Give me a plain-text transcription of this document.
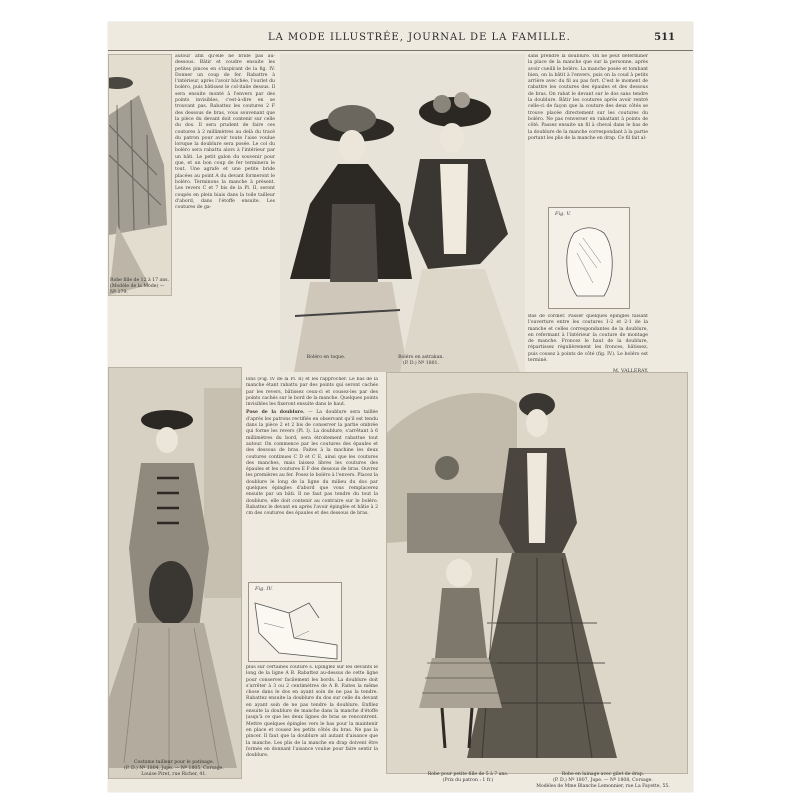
LA MODE ILLUSTRÉE, JOURNAL DE LA FAMILLE.	511
Robe fille de 12 à 17 ans. (Modèle de la Mode) — Nº 179.

autour afin qu'elle ne bride pas au-dessous. Bâtir et coudre ensuite les petites pinces en s'inspirant de la fig. IV. Donner un coup de fer. Rabattre à l'intérieur, après l'avoir bâchée, l'ourlet du boléro, puis bâtissez le col-italie dessus. Il sera ensuite monté à l'envers par des points invisibles, c'est-à-dire en se trouvant pas. Rabattez les coutures 2 F des dessous de bras, vous souvenant que la pièce du devant doit contenir sur celle du dos. Il sera prudent de faire ces coutures à 2 millimètres au delà du tracé du patron pour avoir toute l'aise voulue lorsque la doublure sera posée. Le col du boléro sera rabattu alors à l'intérieur par un bâti. Le petit galon du souvenir pour que, et un bon coup de fer terminera le tout. Une agrafe et une petite bride placées au point A du devant formeront le boléro. Terminons la manche à présent. Les revers C et 7 bis de la Pl. II, seront coupés en plein biais dans la toile tailleur d'abord, dans l'étoffe ensuite. Les coutures de ga-

Boléro en toque.	Boléro en astrakan.
(P. D.) Nº 1801.

sans prendre la doublure. On ne peut déterminer la place de la manche que sur la personne, après avoir cueilli le boléro. La manche posée et tombant bien, on la bâtit à l'envers, puis on la coud à petits arrière avec du fil au pas fort. C'est le moment de rabattre les coutures des épaules et des dessous de bras. On rabat le devant sur le dos sans tendre la doublure. Bâtir les coutures après avoir rentré celle-ci de façon que la couture des deux côtés se trouve placée directement sur les coutures du boléro. Ne pas renverser en rabattant à points de côté. Passez ensuite un fil à cheval dans le bas de la doublure de la manche correspondant à la partie portant les plis de la manche en drap. Ce fil fait al-

Fig. V.

Bas de cordier. Passer quelques épingles faisant l'ouverture entre les coutures 1-2 et 2-1 de la manche et celles correspondantes de la doublure, en refermant à l'intérieur la couture de montage de manche. Froncez le haut de la doublure, répartissez régulièrement les fronces, bâtissez, puis cousez à points de côté (fig. IV). Le boléro est terminé.

Costume tailleur pour le patinage.
(P. D.) Nº 1804, Jupe. — Nº 1805, Corsage.
Louise Piret, rue Richer, 41.

lons (Fig. IV de la Pl. II) et les rapprocher. Le bas de la manche étant rabattu par des points qui seront cachés par les revers, bâtissez ceux-ci et cousez-les par des points cachés sur le bord de la manche. Quelques points invisibles les fixeront ensuite dans le haut.

Pose de la doublure. — La doublure sera taillée d'après les patrons rectifiés en observant qu'il est tendu dans la pièce 2 et 2 bis de conserver la partie ombrée qui forme les revers (Pl. I). La doublure, s'arrêtant à 6 millimètres du bord, sera étroitement rabattue tout autour. On commence par les coutures des épaules et des dessous de bras. Faites à la machine les deux coutures continues C D et C E, ainsi que les coutures des manches, mais laissez libres les coutures des épaules et les coutures E F des dessous de bras. Ouvrez les premières au fer. Posez le boléro à l'envers. Placez la doublure le long de la ligne du milieu du dos par quelques épingles d'abord que vous remplacerez ensuite par un bâti. Il ne faut pas tendre du tout la doublure, elle doit contenir au contraire sur le boléro. Rabattez le devant en après l'avoir épinglée et bâtie à 2 cm des coutures des épaules et des dessous de bras.

Fig. IV.

plus sur certaines couture s. Épinglez sur les devants le long de la ligne A B. Rabattez au-dessus de cette ligne pour conserver facilement les bords. La doublure doit s'arrêter à 3 ou 2 centimètres de A B. Faites la même chose dans le dos en ayant soin de ne pas la tendre. Rabattez ensuite la doublure du dos sur celle du devant en ayant soin de ne pas tendre la doublure. Enfilez ensuite la doublure de manche dans la manche d'étoffe jusqu'à ce que les deux lignes de bras se rencontrent. Mettre quelques épingles vers le bas pour la maintenir en place et cousez les petits côtés du bras. Ne pas la pincer. Il faut que la doublure ait autant d'aisance que la manche. Les plis de la manche en drap doivent être formés en donnant l'aisance voulue pour faire sentir la doublure.

Robe pour petite fille de 5 à 7 ans.
(Prix du patron : 1 fr.)
Robe en lainage avec gilet de drap.
(P. D.) Nº 1807, Jupe. — Nº 1808, Corsage.
Modèles de Mme Blanche Lemonnier, rue La Fayette, 55.
